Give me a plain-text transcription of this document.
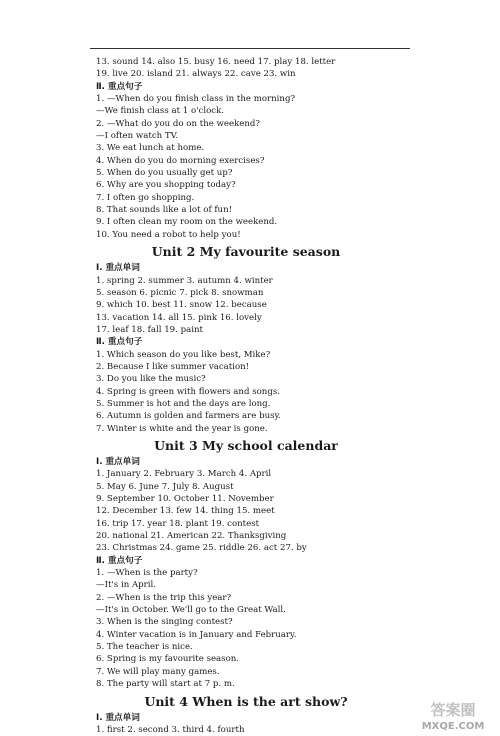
13. sound 14. also 15. busy 16. need 17. play 18. letter
19. live 20. island 21. always 22. cave 23. win
Ⅱ. 重点句子
1. —When do you finish class in the morning?
—We finish class at 1 o'clock.
2. —What do you do on the weekend?
—I often watch TV.
3. We eat lunch at home.
4. When do you do morning exercises?
5. When do you usually get up?
6. Why are you shopping today?
7. I often go shopping.
8. That sounds like a lot of fun!
9. I often clean my room on the weekend.
10. You need a robot to help you!
Unit 2 My favourite season
Ⅰ. 重点单词
1. spring 2. summer 3. autumn 4. winter
5. season 6. picnic 7. pick 8. snowman
9. which 10. best 11. snow 12. because
13. vacation 14. all 15. pink 16. lovely
17. leaf 18. fall 19. paint
Ⅱ. 重点句子
1. Which season do you like best, Mike?
2. Because I like summer vacation!
3. Do you like the music?
4. Spring is green with flowers and songs.
5. Summer is hot and the days are long.
6. Autumn is golden and farmers are busy.
7. Winter is white and the year is gone.
Unit 3 My school calendar
Ⅰ. 重点单词
1. January 2. February 3. March 4. April
5. May 6. June 7. July 8. August
9. September 10. October 11. November
12. December 13. few 14. thing 15. meet
16. trip 17. year 18. plant 19. contest
20. national 21. American 22. Thanksgiving
23. Christmas 24. game 25. riddle 26. act 27. by
Ⅱ. 重点句子
1. —When is the party?
—It's in April.
2. —When is the trip this year?
—It's in October. We'll go to the Great Wall.
3. When is the singing contest?
4. Winter vacation is in January and February.
5. The teacher is nice.
6. Spring is my favourite season.
7. We will play many games.
8. The party will start at 7 p. m.
Unit 4 When is the art show?
Ⅰ. 重点单词
1. first 2. second 3. third 4. fourth
答案圈
MXQE.COM
